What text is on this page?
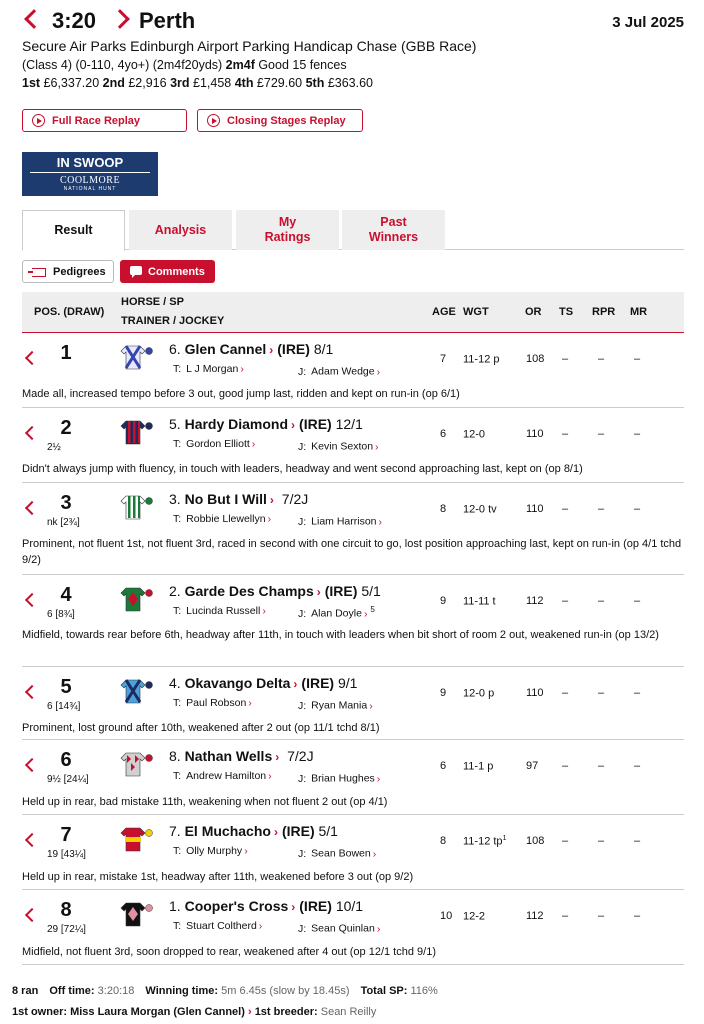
3:20 Perth	3 Jul 2025
Secure Air Parks Edinburgh Airport Parking Handicap Chase (GBB Race)
(Class 4) (0-110, 4yo+) (2m4f20yds) 2m4f Good 15 fences
1st £6,337.20 2nd £2,916 3rd £1,458 4th £729.60 5th £363.60
Full Race Replay	Closing Stages Replay
IN SWOOP
COOLMORE
NATIONAL HUNT
Result	Analysis
My
Ratings
Past
Winners
Pedigrees	Comments
POS. (DRAW)
HORSE / SP
TRAINER / JOCKEY
AGE WGT	OR TS RPR MR
1	6. Glen Cannel › (IRE) 8/1
T: L J Morgan ›	J: Adam Wedge ›
7 11-12 p 108 –	–	–
Made all, increased tempo before 3 out, good jump last, ridden and kept on run-in (op 6/1)
2
2½
5. Hardy Diamond › (IRE) 12/1
T: Gordon Elliott ›	J: Kevin Sexton ›
6 12-0	110 –	–	–
Didn't always jump with fluency, in touch with leaders, headway and went second approaching last, kept on (op 8/1)
3
nk [2¾]
3. No But I Will › 7/2J
T: Robbie Llewellyn ›	J: Liam Harrison ›
8 12-0 tv	110 –	–	–
Prominent, not fluent 1st, not fluent 3rd, raced in second with one circuit to go, lost position approaching last, kept on run-in (op 4/1 tchd 9/2)
4
6 [8¾]
2. Garde Des Champs › (IRE) 5/1
T: Lucinda Russell ›	J: Alan Doyle › $^5$
9 11-11 t	112 –	–	–
Midfield, towards rear before 6th, headway after 11th, in touch with leaders when bit short of room 2 out, weakened run-in (op 13/2)
5
6 [14¾]
4. Okavango Delta › (IRE) 9/1
T: Paul Robson ›	J: Ryan Mania ›
9 12-0 p	110 –	–	–
Prominent, lost ground after 10th, weakened after 2 out (op 11/1 tchd 8/1)
6
9½ [24¼]
8. Nathan Wells › 7/2J
T: Andrew Hamilton ›	J: Brian Hughes ›
6 11-1 p	97 –	–	–
Held up in rear, bad mistake 11th, weakening when not fluent 2 out (op 4/1)
7
19 [43¼]
7. El Muchacho › (IRE) 5/1
T: Olly Murphy ›	J: Sean Bowen ›
8 11-12 $tp^1$ 108 –	–	–
Held up in rear, mistake 1st, headway after 11th, weakened before 3 out (op 9/2)
8
29 [72¼]
1. Cooper's Cross › (IRE) 10/1
T: Stuart Coltherd ›	J: Sean Quinlan ›
10 12-2	112 –	–	–
Midfield, not fluent 3rd, soon dropped to rear, weakened after 4 out (op 12/1 tchd 9/1)
8 ran Off time: 3:20:18 Winning time: 5m 6.45s (slow by 18.45s) Total SP: 116%
1st owner: Miss Laura Morgan (Glen Cannel) › 1st breeder: Sean Reilly
